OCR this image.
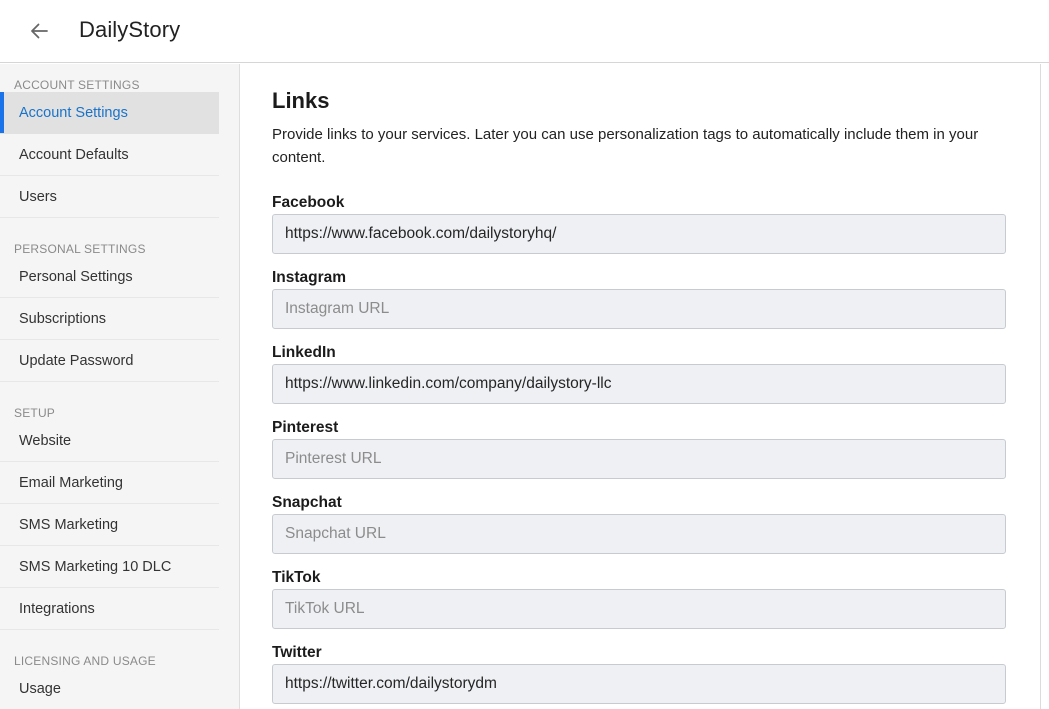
DailyStory
ACCOUNT SETTINGS
Account Settings
Account Defaults
Users
PERSONAL SETTINGS
Personal Settings
Subscriptions
Update Password
SETUP
Website
Email Marketing
SMS Marketing
SMS Marketing 10 DLC
Integrations
LICENSING AND USAGE
Usage
Links

Provide links to your services. Later you can use personalization tags to automatically include them in your content.

Facebook
https://www.facebook.com/dailystoryhq/
Instagram
Instagram URL
LinkedIn
https://www.linkedin.com/company/dailystory-llc
Pinterest
Pinterest URL
Snapchat
Snapchat URL
TikTok
TikTok URL
Twitter
https://twitter.com/dailystorydm
